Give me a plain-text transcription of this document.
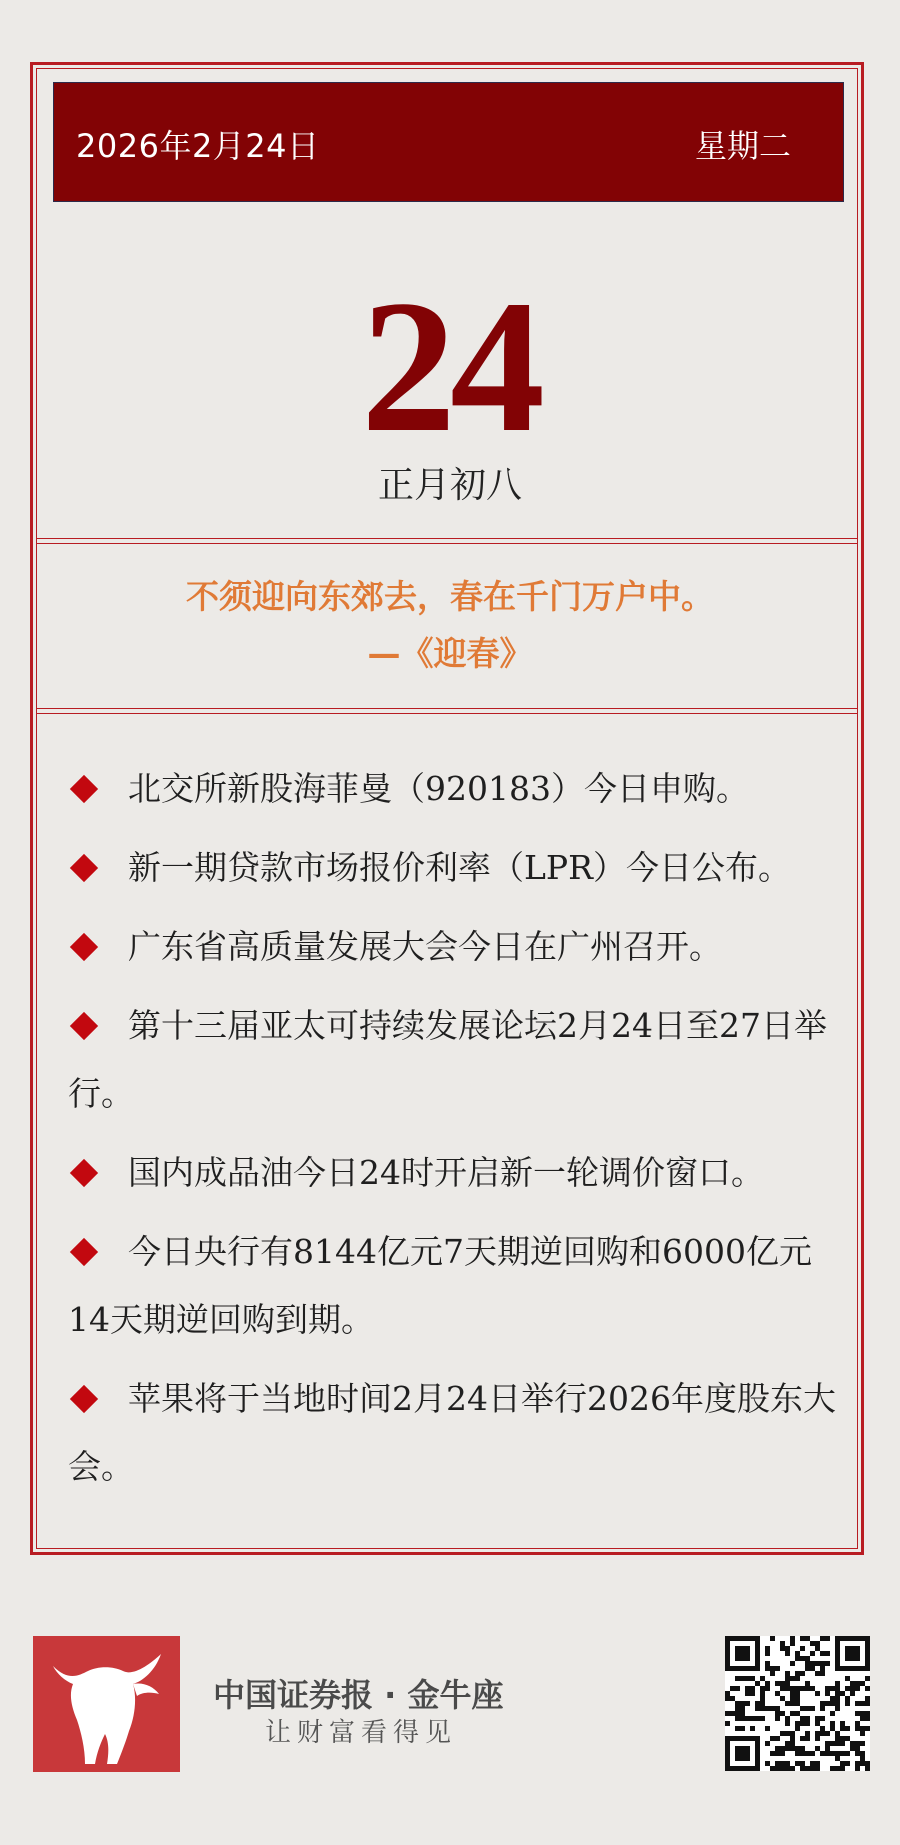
2026年2月24日	星期二
24
正月初八
不须迎向东郊去，春在千门万户中。
—《迎春》
北交所新股海菲曼（920183）今日申购。
新一期贷款市场报价利率（LPR）今日公布。
广东省高质量发展大会今日在广州召开。
第十三届亚太可持续发展论坛2月24日至27日举行。
国内成品油今日24时开启新一轮调价窗口。
今日央行有8144亿元7天期逆回购和6000亿元14天期逆回购到期。
苹果将于当地时间2月24日举行2026年度股东大会。
中国证券报 · 金牛座
让财富看得见
